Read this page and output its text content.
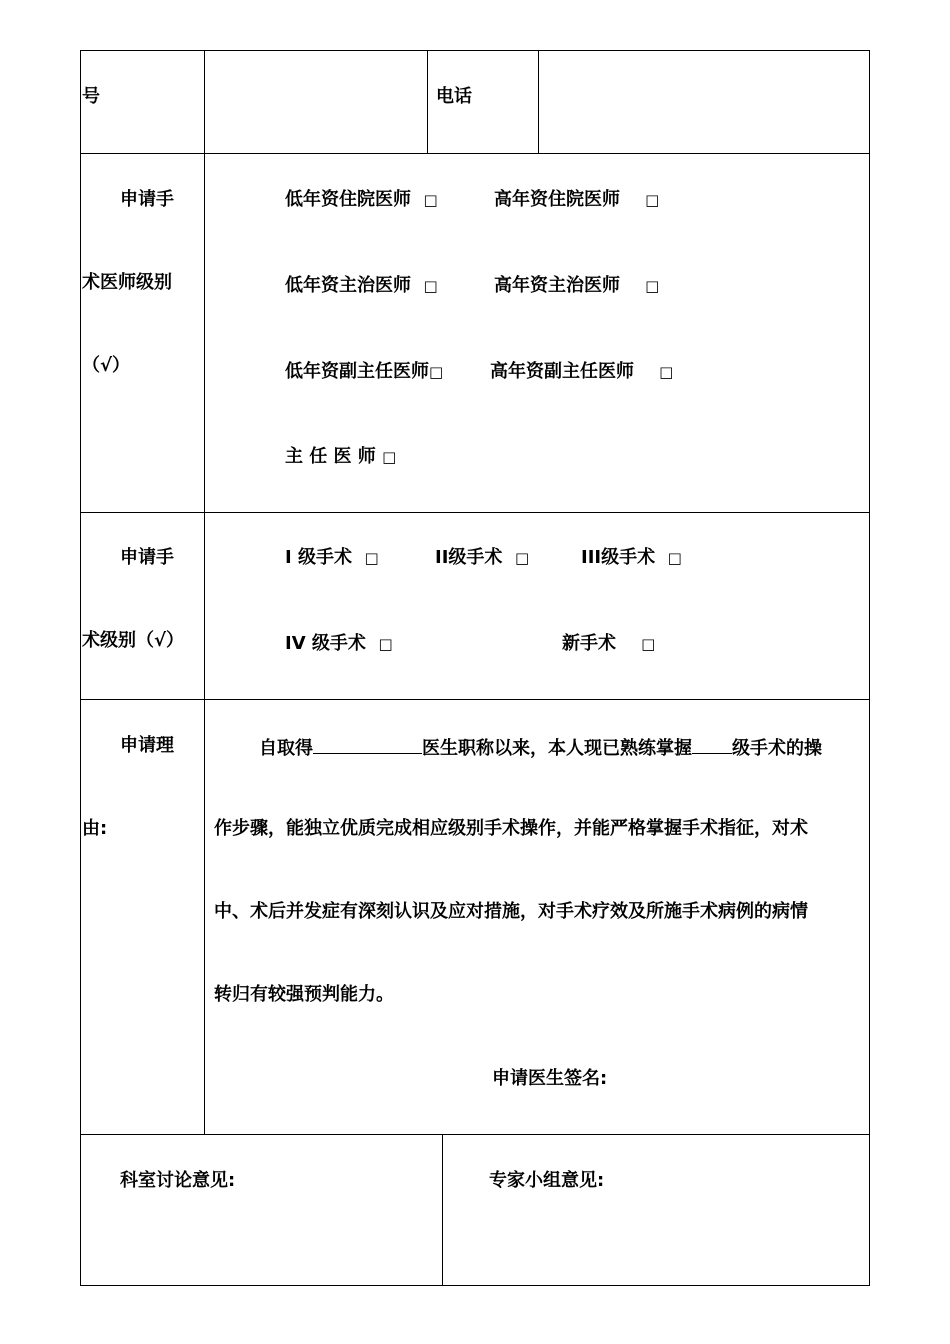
号	电话
申请手
术医师级别
（√）
低年资住院医师 □	高年资住院医师 □
低年资主治医师 □	高年资主治医师 □
低年资副主任医师□	高年资副主任医师 □
主 任 医 师 □
申请手
术级别（√）
I 级手术 □	II级手术 □	III级手术 □
IV 级手术 □	新手术 □
申请理
由:
自取得	医生职称以来，本人现已熟练掌握 级手术的操
作步骤，能独立优质完成相应级别手术操作，并能严格掌握手术指征，对术
中、术后并发症有深刻认识及应对措施，对手术疗效及所施手术病例的病情
转归有较强预判能力。
申请医生签名:
科室讨论意见:	专家小组意见:
